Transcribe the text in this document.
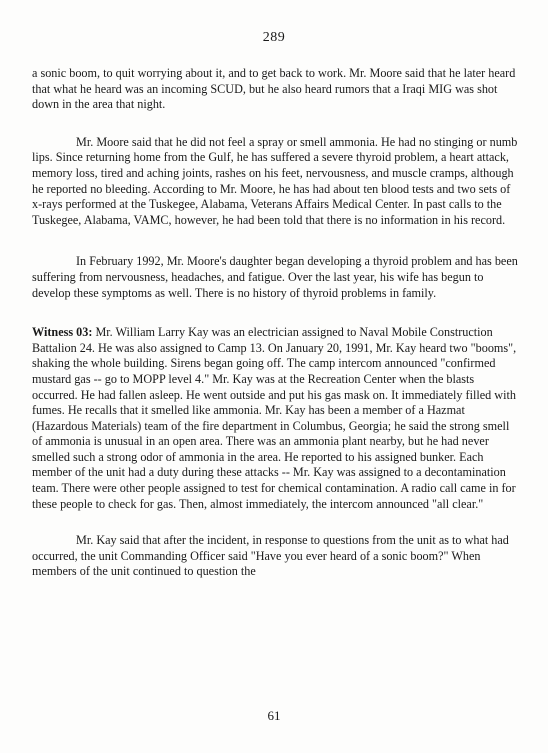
289

a sonic boom, to quit worrying about it, and to get back to work. Mr. Moore said that he later heard that what he heard was an incoming SCUD, but he also heard rumors that a Iraqi MIG was shot down in the area that night.

Mr. Moore said that he did not feel a spray or smell ammonia. He had no stinging or numb lips. Since returning home from the Gulf, he has suffered a severe thyroid problem, a heart attack, memory loss, tired and aching joints, rashes on his feet, nervousness, and muscle cramps, although he reported no bleeding. According to Mr. Moore, he has had about ten blood tests and two sets of x-rays performed at the Tuskegee, Alabama, Veterans Affairs Medical Center. In past calls to the Tuskegee, Alabama, VAMC, however, he had been told that there is no information in his record.

In February 1992, Mr. Moore's daughter began developing a thyroid problem and has been suffering from nervousness, headaches, and fatigue. Over the last year, his wife has begun to develop these symptoms as well. There is no history of thyroid problems in family.

Witness 03: Mr. William Larry Kay was an electrician assigned to Naval Mobile Construction Battalion 24. He was also assigned to Camp 13. On January 20, 1991, Mr. Kay heard two "booms", shaking the whole building. Sirens began going off. The camp intercom announced "confirmed mustard gas -- go to MOPP level 4." Mr. Kay was at the Recreation Center when the blasts occurred. He had fallen asleep. He went outside and put his gas mask on. It immediately filled with fumes. He recalls that it smelled like ammonia. Mr. Kay has been a member of a Hazmat (Hazardous Materials) team of the fire department in Columbus, Georgia; he said the strong smell of ammonia is unusual in an open area. There was an ammonia plant nearby, but he had never smelled such a strong odor of ammonia in the area. He reported to his assigned bunker. Each member of the unit had a duty during these attacks -- Mr. Kay was assigned to a decontamination team. There were other people assigned to test for chemical contamination. A radio call came in for these people to check for gas. Then, almost immediately, the intercom announced "all clear."

Mr. Kay said that after the incident, in response to questions from the unit as to what had occurred, the unit Commanding Officer said "Have you ever heard of a sonic boom?" When members of the unit continued to question the

61
